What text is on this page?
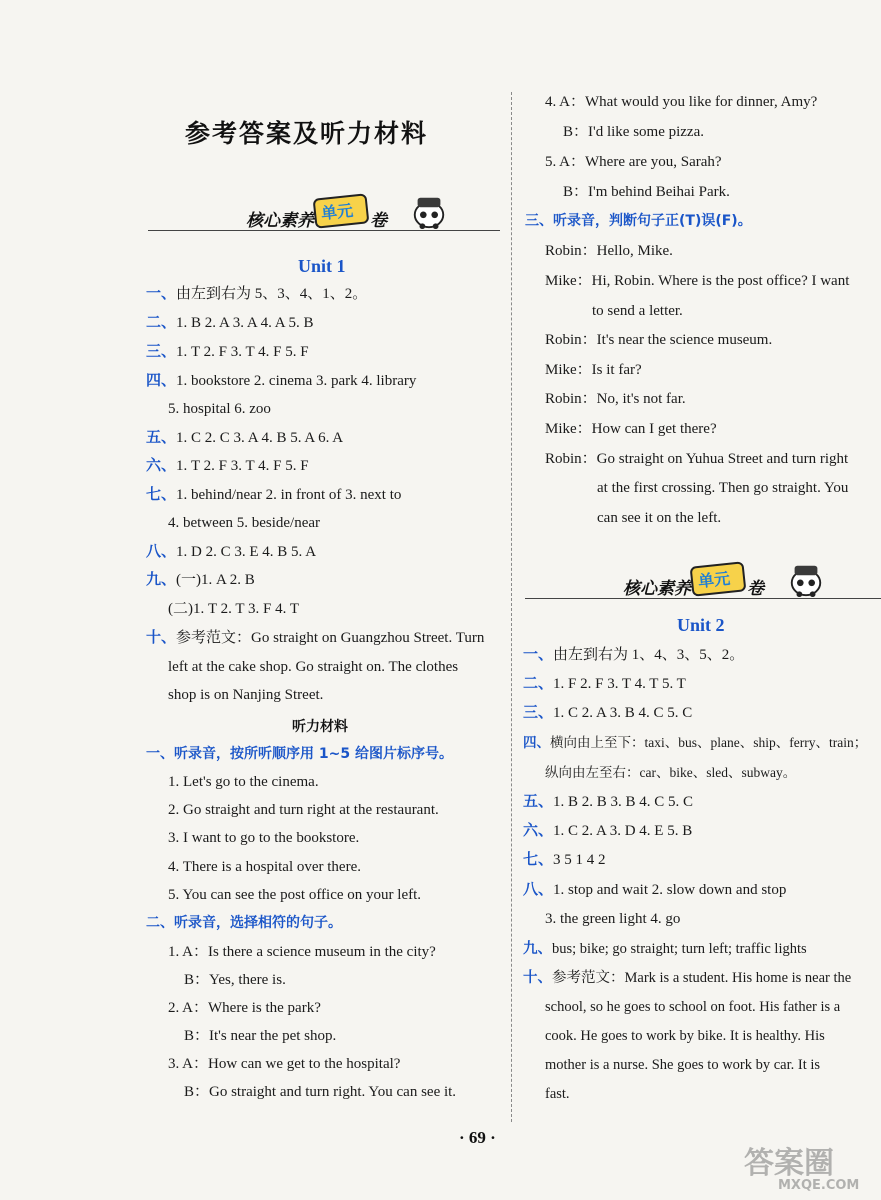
参考答案及听力材料
核心素养 单元 卷
Unit 1
一、由左到右为 5、3、4、1、2。
二、1. B 2. A 3. A 4. A 5. B
三、1. T 2. F 3. T 4. F 5. F
四、1. bookstore 2. cinema 3. park 4. library
5. hospital 6. zoo
五、1. C 2. C 3. A 4. B 5. A 6. A
六、1. T 2. F 3. T 4. F 5. F
七、1. behind/near 2. in front of 3. next to
4. between 5. beside/near
八、1. D 2. C 3. E 4. B 5. A
九、(一)1. A 2. B
(二)1. T 2. T 3. F 4. T
十、参考范文：Go straight on Guangzhou Street. Turn
left at the cake shop. Go straight on. The clothes
shop is on Nanjing Street.
听力材料
一、听录音，按所听顺序用 1~5 给图片标序号。
1. Let's go to the cinema.
2. Go straight and turn right at the restaurant.
3. I want to go to the bookstore.
4. There is a hospital over there.
5. You can see the post office on your left.
二、听录音，选择相符的句子。
1. A：Is there a science museum in the city?
B：Yes, there is.
2. A：Where is the park?
B：It's near the pet shop.
3. A：How can we get to the hospital?
B：Go straight and turn right. You can see it.
4. A：What would you like for dinner, Amy?
B：I'd like some pizza.
5. A：Where are you, Sarah?
B：I'm behind Beihai Park.
三、听录音，判断句子正(T)误(F)。
Robin：Hello, Mike.
Mike：Hi, Robin. Where is the post office? I want
to send a letter.
Robin：It's near the science museum.
Mike：Is it far?
Robin：No, it's not far.
Mike：How can I get there?
Robin：Go straight on Yuhua Street and turn right
at the first crossing. Then go straight. You
can see it on the left.
核心素养 单元 卷
Unit 2
一、由左到右为 1、4、3、5、2。
二、1. F 2. F 3. T 4. T 5. T
三、1. C 2. A 3. B 4. C 5. C
四、横向由上至下：taxi、bus、plane、ship、ferry、train；
纵向由左至右：car、bike、sled、subway。
五、1. B 2. B 3. B 4. C 5. C
六、1. C 2. A 3. D 4. E 5. B
七、3 5 1 4 2
八、1. stop and wait 2. slow down and stop
3. the green light 4. go
九、bus; bike; go straight; turn left; traffic lights
十、参考范文：Mark is a student. His home is near the
school, so he goes to school on foot. His father is a
cook. He goes to work by bike. It is healthy. His
mother is a nurse. She goes to work by car. It is
fast.
· 69 ·
答案圈
MXQE.COM
